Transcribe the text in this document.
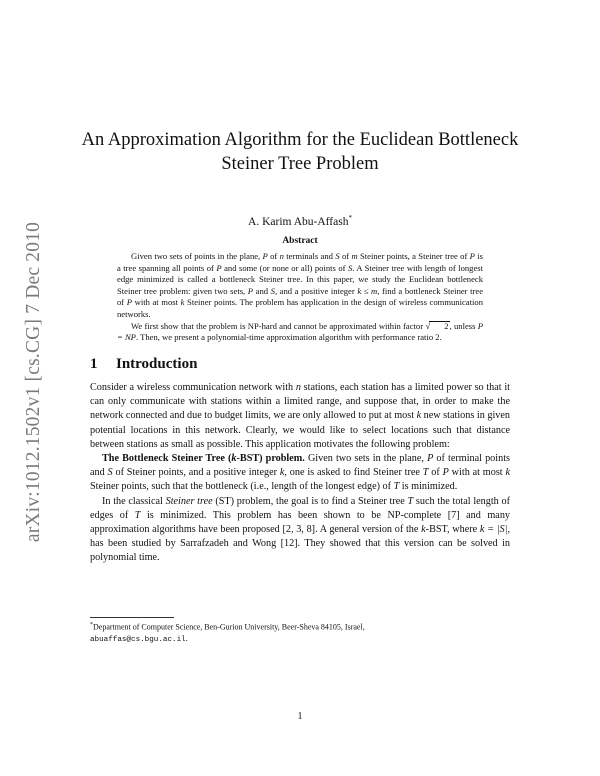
arXiv:1012.1502v1 [cs.CG] 7 Dec 2010
An Approximation Algorithm for the Euclidean Bottleneck
Steiner Tree Problem
A. Karim Abu-Affash*
Abstract

Given two sets of points in the plane, P of n terminals and S of m Steiner points, a Steiner tree of P is a tree spanning all points of P and some (or none or all) points of S. A Steiner tree with length of longest edge minimized is called a bottleneck Steiner tree. In this paper, we study the Euclidean bottleneck Steiner tree problem: given two sets, P and S, and a positive integer k ≤ m, find a bottleneck Steiner tree of P with at most k Steiner points. The problem has application in the design of wireless communication networks.

We first show that the problem is NP-hard and cannot be approximated within factor √ 2, unless P = NP. Then, we present a polynomial-time approximation algorithm with performance ratio 2.

1 Introduction

Consider a wireless communication network with n stations, each station has a limited power so that it can only communicate with stations within a limited range, and suppose that, in order to make the network connected and due to budget limits, we are only allowed to put at most k new stations in given potential locations in this network. Clearly, we would like to select locations such that distance between stations as small as possible. This application motivates the following problem:

The Bottleneck Steiner Tree (k-BST) problem. Given two sets in the plane, P of terminal points and S of Steiner points, and a positive integer k, one is asked to find Steiner tree T of P with at most k Steiner points, such that the bottleneck (i.e., length of the longest edge) of T is minimized.

In the classical Steiner tree (ST) problem, the goal is to find a Steiner tree T such the total length of edges of T is minimized. This problem has been shown to be NP-complete [7] and many approximation algorithms have been proposed [2, 3, 8]. A general version of the k-BST, where k = |S|, has been studied by Sarrafzadeh and Wong [12]. They showed that this version can be solved in polynomial time.

*Department of Computer Science, Ben-Gurion University, Beer-Sheva 84105, Israel,
abuaffas@cs.bgu.ac.il.
1
